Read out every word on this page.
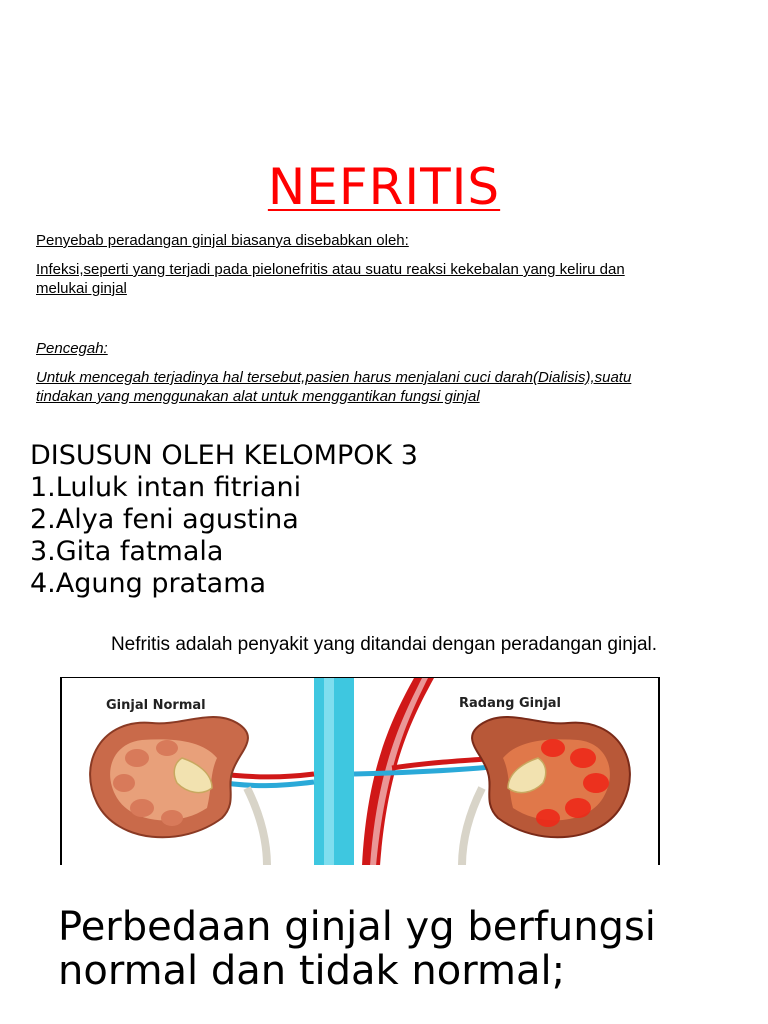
NEFRITIS
Penyebab peradangan ginjal biasanya disebabkan oleh:
Infeksi,seperti yang terjadi pada pielonefritis atau suatu reaksi kekebalan yang keliru dan melukai ginjal
Pencegah:
Untuk mencegah terjadinya hal tersebut,pasien harus menjalani cuci darah(Dialisis),suatu tindakan yang menggunakan alat untuk menggantikan fungsi ginjal
DISUSUN OLEH KELOMPOK 3
1.Luluk intan fitriani
2.Alya feni agustina
3.Gita fatmala
4.Agung pratama
Nefritis adalah penyakit yang ditandai dengan peradangan ginjal.
Ginjal Normal	Radang Ginjal
Perbedaan ginjal yg berfungsi normal dan tidak normal;
